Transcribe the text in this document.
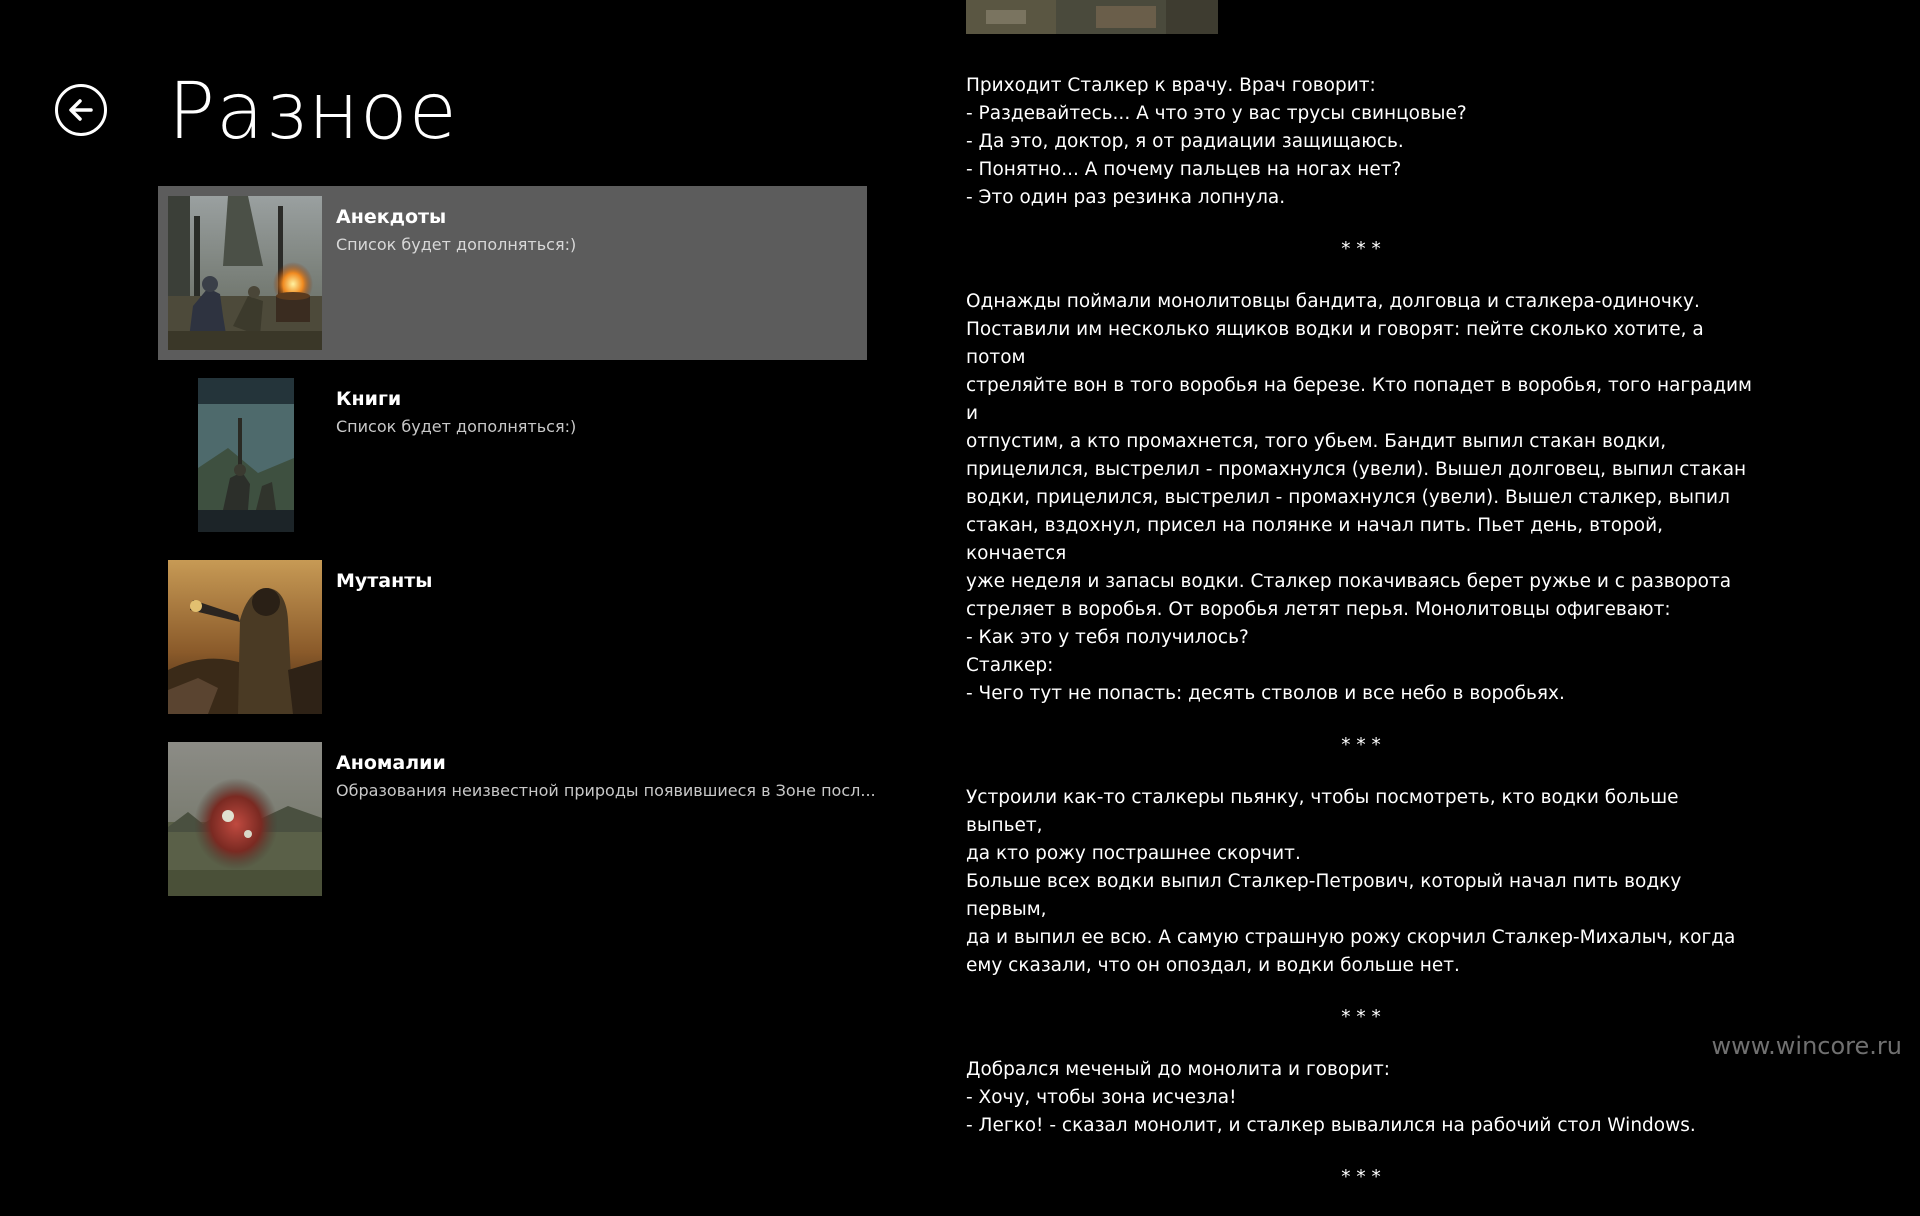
Разное
Анекдоты
Список будет дополняться:)
Книги
Список будет дополняться:)
Мутанты
Аномалии
Образования неизвестной природы появившиеся в Зоне посл...

Приходит Сталкер к врачу. Врач говорит:

- Раздевайтесь... А что это у вас трусы свинцовые?

- Да это, доктор, я от радиации защищаюсь.

- Понятно... А почему пальцев на ногах нет?

- Это один раз резинка лопнула.

* * *

Однажды поймали монолитовцы бандита, долговца и сталкера-одиночку.

Поставили им несколько ящиков водки и говорят: пейте сколько хотите, а потом

стреляйте вон в того воробья на березе. Кто попадет в воробья, того наградим и

отпустим, а кто промахнется, того убьем. Бандит выпил стакан водки,

прицелился, выстрелил - промахнулся (увели). Вышел долговец, выпил стакан

водки, прицелился, выстрелил - промахнулся (увели). Вышел сталкер, выпил

стакан, вздохнул, присел на полянке и начал пить. Пьет день, второй, кончается

уже неделя и запасы водки. Сталкер покачиваясь берет ружье и с разворота

стреляет в воробья. От воробья летят перья. Монолитовцы офигевают:

- Как это у тебя получилось?

Сталкер:

- Чего тут не попасть: десять стволов и все небо в воробьях.

* * *

Устроили как-то сталкеры пьянку, чтобы посмотреть, кто водки больше выпьет,

да кто рожу пострашнее скорчит.

Больше всех водки выпил Сталкер-Петрович, который начал пить водку первым,

да и выпил ее всю. А самую страшную рожу скорчил Сталкер-Михалыч, когда

ему сказали, что он опоздал, и водки больше нет.

* * *

Добрался меченый до монолита и говорит:

- Хочу, чтобы зона исчезла!

- Легко! - сказал монолит, и сталкер вывалился на рабочий стол Windows.

* * *
www.wincore.ru
